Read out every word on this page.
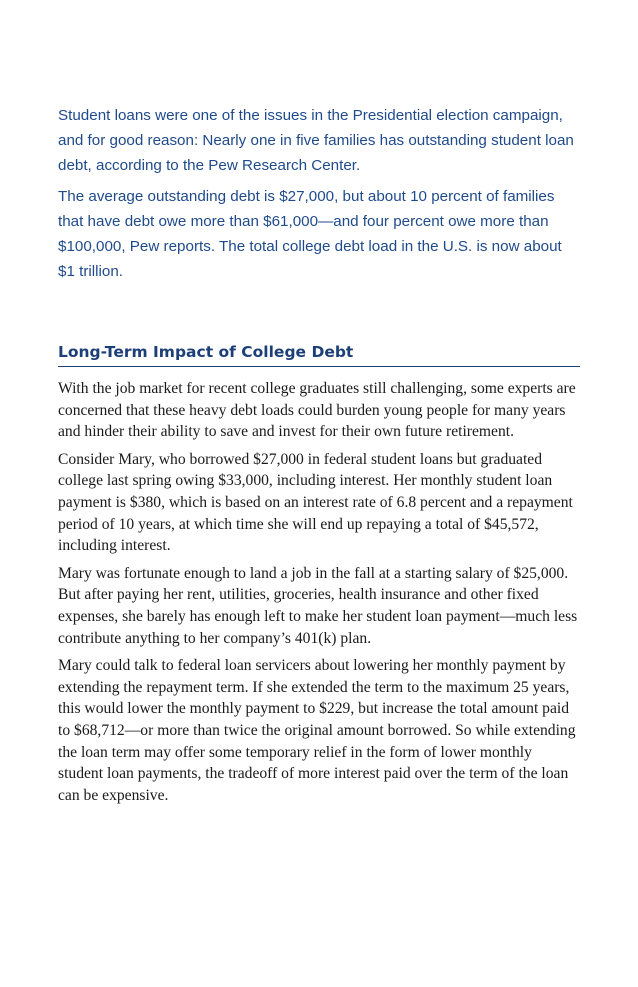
Student loans were one of the issues in the Presidential election campaign, and for good reason: Nearly one in five families has outstanding student loan debt, according to the Pew Research Center.

The average outstanding debt is $27,000, but about 10 percent of families that have debt owe more than $61,000—and four percent owe more than $100,000, Pew reports. The total college debt load in the U.S. is now about $1 trillion.

Long-Term Impact of College Debt

With the job market for recent college graduates still challenging, some experts are concerned that these heavy debt loads could burden young people for many years and hinder their ability to save and invest for their own future retirement.

Consider Mary, who borrowed $27,000 in federal student loans but graduated college last spring owing $33,000, including interest. Her monthly student loan payment is $380, which is based on an interest rate of 6.8 percent and a repayment period of 10 years, at which time she will end up repaying a total of $45,572, including interest.

Mary was fortunate enough to land a job in the fall at a starting salary of $25,000. But after paying her rent, utilities, groceries, health insurance and other fixed expenses, she barely has enough left to make her student loan payment—much less contribute anything to her company’s 401(k) plan.

Mary could talk to federal loan servicers about lowering her monthly payment by extending the repayment term. If she extended the term to the maximum 25 years, this would lower the monthly payment to $229, but increase the total amount paid to $68,712—or more than twice the original amount borrowed. So while extending the loan term may offer some temporary relief in the form of lower monthly student loan payments, the tradeoff of more interest paid over the term of the loan can be expensive.
